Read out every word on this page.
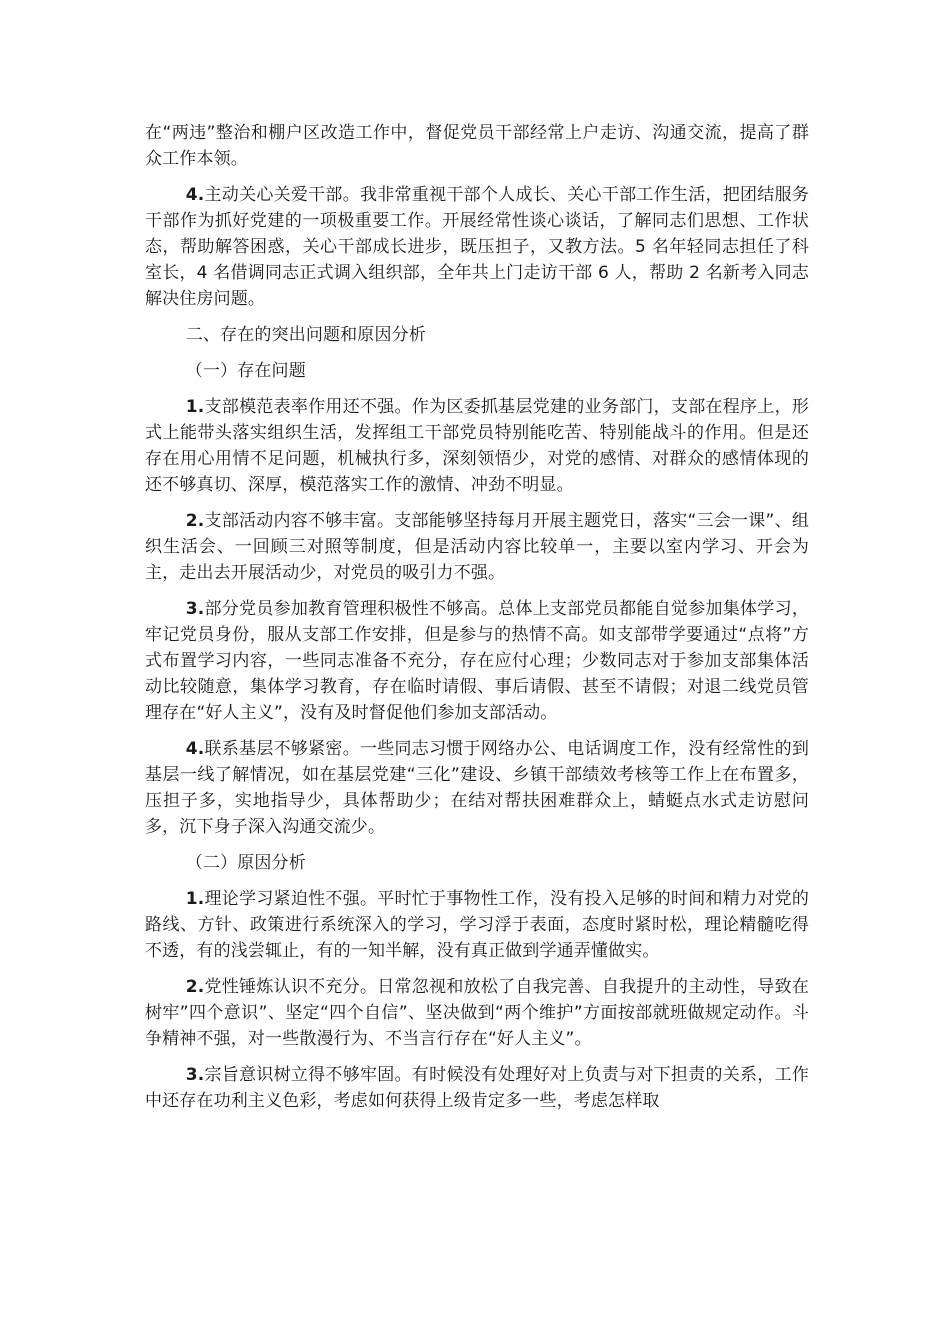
在“两违”整治和棚户区改造工作中，督促党员干部经常上户走访、沟通交流，提高了群众工作本领。

4.主动关心关爱干部。我非常重视干部个人成长、关心干部工作生活，把团结服务干部作为抓好党建的一项极重要工作。开展经常性谈心谈话，了解同志们思想、工作状态，帮助解答困惑，关心干部成长进步，既压担子，又教方法。5 名年轻同志担任了科室长，4 名借调同志正式调入组织部，全年共上门走访干部 6 人，帮助 2 名新考入同志解决住房问题。

二、存在的突出问题和原因分析

（一）存在问题

1.支部模范表率作用还不强。作为区委抓基层党建的业务部门，支部在程序上，形式上能带头落实组织生活，发挥组工干部党员特别能吃苦、特别能战斗的作用。但是还存在用心用情不足问题，机械执行多，深刻领悟少，对党的感情、对群众的感情体现的还不够真切、深厚，模范落实工作的激情、冲劲不明显。

2.支部活动内容不够丰富。支部能够坚持每月开展主题党日，落实“三会一课”、组织生活会、一回顾三对照等制度，但是活动内容比较单一，主要以室内学习、开会为主，走出去开展活动少，对党员的吸引力不强。

3.部分党员参加教育管理积极性不够高。总体上支部党员都能自觉参加集体学习，牢记党员身份，服从支部工作安排，但是参与的热情不高。如支部带学要通过“点将”方式布置学习内容，一些同志准备不充分，存在应付心理；少数同志对于参加支部集体活动比较随意，集体学习教育，存在临时请假、事后请假、甚至不请假；对退二线党员管理存在“好人主义”，没有及时督促他们参加支部活动。

4.联系基层不够紧密。一些同志习惯于网络办公、电话调度工作，没有经常性的到基层一线了解情况，如在基层党建“三化”建设、乡镇干部绩效考核等工作上在布置多，压担子多，实地指导少，具体帮助少；在结对帮扶困难群众上，蜻蜓点水式走访慰问多，沉下身子深入沟通交流少。

（二）原因分析

1.理论学习紧迫性不强。平时忙于事物性工作，没有投入足够的时间和精力对党的路线、方针、政策进行系统深入的学习，学习浮于表面，态度时紧时松，理论精髓吃得不透，有的浅尝辄止，有的一知半解，没有真正做到学通弄懂做实。

2.党性锤炼认识不充分。日常忽视和放松了自我完善、自我提升的主动性，导致在树牢”四个意识”、坚定“四个自信”、坚决做到“两个维护”方面按部就班做规定动作。斗争精神不强，对一些散漫行为、不当言行存在“好人主义”。

3.宗旨意识树立得不够牢固。有时候没有处理好对上负责与对下担责的关系，工作中还存在功利主义色彩，考虑如何获得上级肯定多一些，考虑怎样取
